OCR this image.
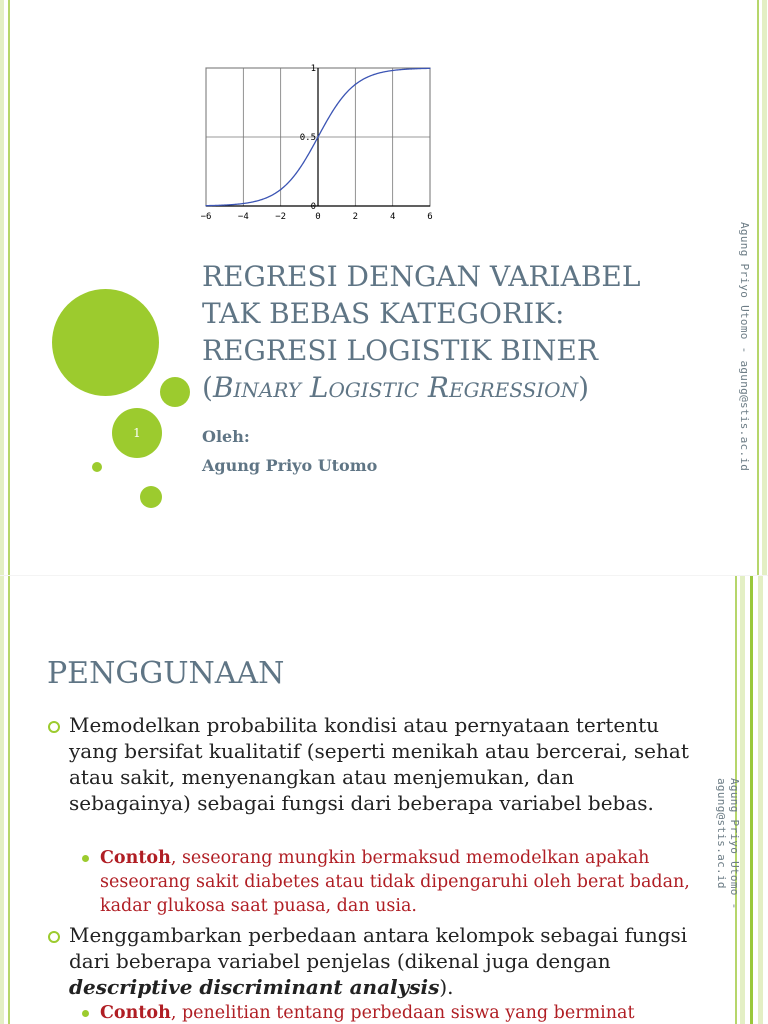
1
−6	−4	−2	0	2	4	6
0
0.5
1
REGRESI DENGAN VARIABEL
TAK BEBAS KATEGORIK:
REGRESI LOGISTIK BINER
(Binary Logistic Regression)
Oleh:
Agung Priyo Utomo	Agung Priyo Utomo - agung@stis.ac.id
PENGGUNAAN
Memodelkan probabilita kondisi atau pernyataan tertentu yang bersifat kualitatif (seperti menikah atau bercerai, sehat atau sakit, menyenangkan atau menjemukan, dan sebagainya) sebagai fungsi dari beberapa variabel bebas.
Contoh, seseorang mungkin bermaksud memodelkan apakah seseorang sakit diabetes atau tidak dipengaruhi oleh berat badan, kadar glukosa saat puasa, dan usia.
Menggambarkan perbedaan antara kelompok sebagai fungsi dari beberapa variabel penjelas (dikenal juga dengan descriptive discriminant analysis).
Contoh, penelitian tentang perbedaan siswa yang berminat
Agung Priyo Utomo - agung@stis.ac.id
